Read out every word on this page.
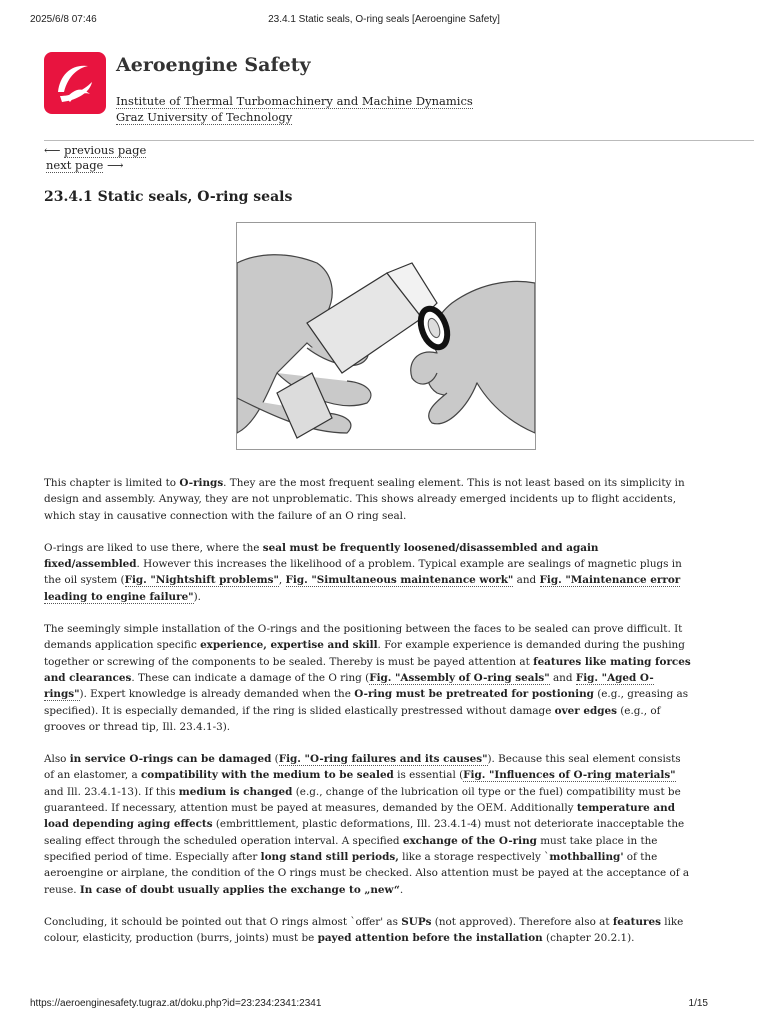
2025/6/8 07:46	23.4.1 Static seals, O-ring seals [Aeroengine Safety]
Aeroengine Safety
Institute of Thermal Turbomachinery and Machine Dynamics
Graz University of Technology
⟵ previous page
next page ⟶
23.4.1 Static seals, O-ring seals

This chapter is limited to O-rings. They are the most frequent sealing element. This is not least based on its simplicity in design and assembly. Anyway, they are not unproblematic. This shows already emerged incidents up to flight accidents, which stay in causative connection with the failure of an O ring seal.

O-rings are liked to use there, where the seal must be frequently loosened/disassembled and again fixed/assembled. However this increases the likelihood of a problem. Typical example are sealings of magnetic plugs in the oil system (Fig. "Nightshift problems", Fig. "Simultaneous maintenance work" and Fig. "Maintenance error leading to engine failure").

The seemingly simple installation of the O-rings and the positioning between the faces to be sealed can prove difficult. It demands application specific experience, expertise and skill. For example experience is demanded during the pushing together or screwing of the components to be sealed. Thereby is must be payed attention at features like mating forces and clearances. These can indicate a damage of the O ring (Fig. "Assembly of O-ring seals" and Fig. "Aged O-rings"). Expert knowledge is already demanded when the O-ring must be pretreated for postioning (e.g., greasing as specified). It is especially demanded, if the ring is slided elastically prestressed without damage over edges (e.g., of grooves or thread tip, Ill. 23.4.1-3).

Also in service O-rings can be damaged (Fig. "O-ring failures and its causes"). Because this seal element consists of an elastomer, a compatibility with the medium to be sealed is essential (Fig. "Influences of O-ring materials" and Ill. 23.4.1-13). If this medium is changed (e.g., change of the lubrication oil type or the fuel) compatibility must be guaranteed. If necessary, attention must be payed at measures, demanded by the OEM. Additionally temperature and load depending aging effects (embrittlement, plastic deformations, Ill. 23.4.1-4) must not deteriorate inacceptable the sealing effect through the scheduled operation interval. A specified exchange of the O-ring must take place in the specified period of time. Especially after long stand still periods, like a storage respectively `mothballing' of the aeroengine or airplane, the condition of the O rings must be checked. Also attention must be payed at the acceptance of a reuse. In case of doubt usually applies the exchange to „new“.

Concluding, it schould be pointed out that O rings almost `offer' as SUPs (not approved). Therefore also at features like colour, elasticity, production (burrs, joints) must be payed attention before the installation (chapter 20.2.1).

https://aeroenginesafety.tugraz.at/doku.php?id=23:234:2341:2341	1/15
